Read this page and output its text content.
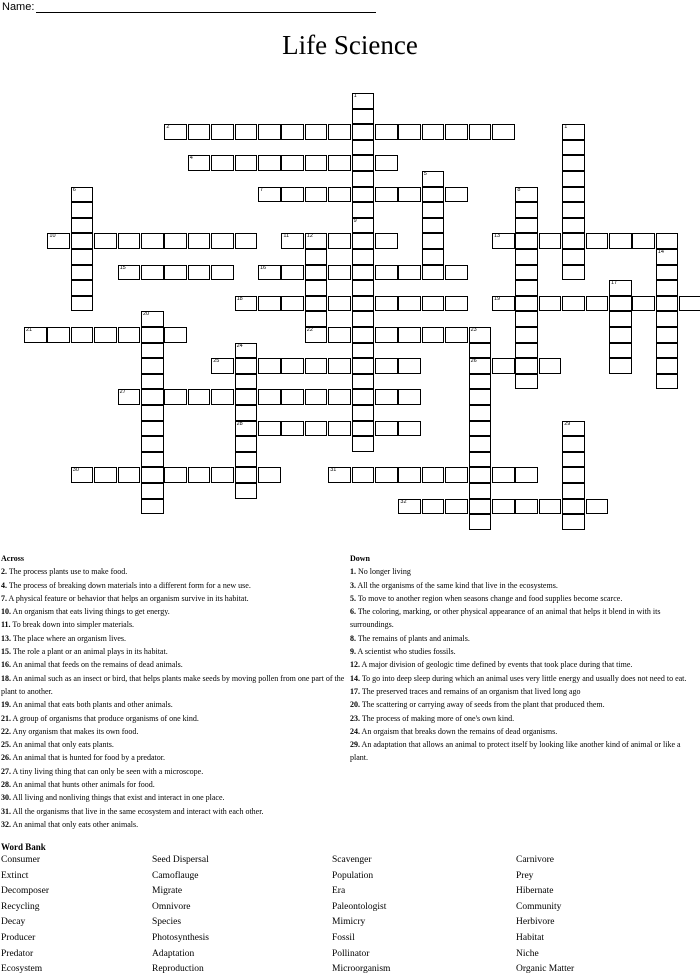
Name:
Life Science
1
9
2	1
4
5
6	7	8
10	11	12
22
13
14
15	16
17
18	19
20
21	23
26
24
28
25
27
29
30	31
32
Across
2. The process plants use to make food.
4. The process of breaking down materials into a different form for a new use.
7. A physical feature or behavior that helps an organism survive in its habitat.
10. An organism that eats living things to get energy.
11. To break down into simpler materials.
13. The place where an organism lives.
15. The role a plant or an animal plays in its habitat.
16. An animal that feeds on the remains of dead animals.
18. An animal such as an insect or bird, that helps plants make seeds by moving pollen from one part of the plant to another.
19. An animal that eats both plants and other animals.
21. A group of organisms that produce organisms of one kind.
22. Any organism that makes its own food.
25. An animal that only eats plants.
26. An animal that is hunted for food by a predator.
27. A tiny living thing that can only be seen with a microscope.
28. An animal that hunts other animals for food.
30. All living and nonliving things that exist and interact in one place.
31. All the organisms that live in the same ecosystem and interact with each other.
32. An animal that only eats other animals.
Down
1. No longer living
3. All the organisms of the same kind that live in the ecosystems.
5. To move to another region when seasons change and food supplies become scarce.
6. The coloring, marking, or other physical appearance of an animal that helps it blend in with its surroundings.
8. The remains of plants and animals.
9. A scientist who studies fossils.
12. A major division of geologic time defined by events that took place during that time.
14. To go into deep sleep during which an animal uses very little energy and usually does not need to eat.
17. The preserved traces and remains of an organism that lived long ago
20. The scattering or carrying away of seeds from the plant that produced them.
23. The process of making more of one's own kind.
24. An orgaism that breaks down the remains of dead organisms.
29. An adaptation that allows an animal to protect itself by looking like another kind of animal or like a plant.
Word Bank
Consumer
Extinct
Decomposer
Recycling
Decay
Producer
Predator
Ecosystem
Seed Dispersal
Camoflauge
Migrate
Omnivore
Species
Photosynthesis
Adaptation
Reproduction
Scavenger
Population
Era
Paleontologist
Mimicry
Fossil
Pollinator
Microorganism
Carnivore
Prey
Hibernate
Community
Herbivore
Habitat
Niche
Organic Matter
